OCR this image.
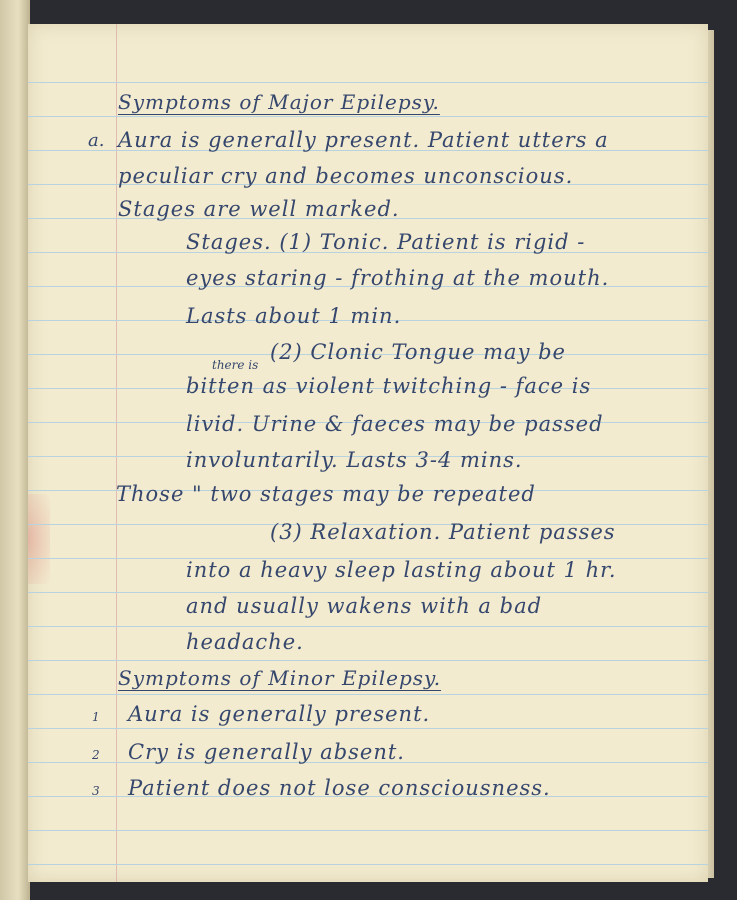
Symptoms of Major Epilepsy.
a. Aura is generally present. Patient utters a
peculiar cry and becomes unconscious.
Stages are well marked.
Stages. (1) Tonic. Patient is rigid -
eyes staring - frothing at the mouth.
Lasts about 1 min.
(2) Clonic Tongue may be
there is
bitten as violent twitching - face is
livid. Urine & faeces may be passed
involuntarily. Lasts 3-4 mins.
Those " two stages may be repeated
(3) Relaxation. Patient passes
into a heavy sleep lasting about 1 hr.
and usually wakens with a bad
headache.
Symptoms of Minor Epilepsy.
1 Aura is generally present.
2 Cry is generally absent.
3 Patient does not lose consciousness.
